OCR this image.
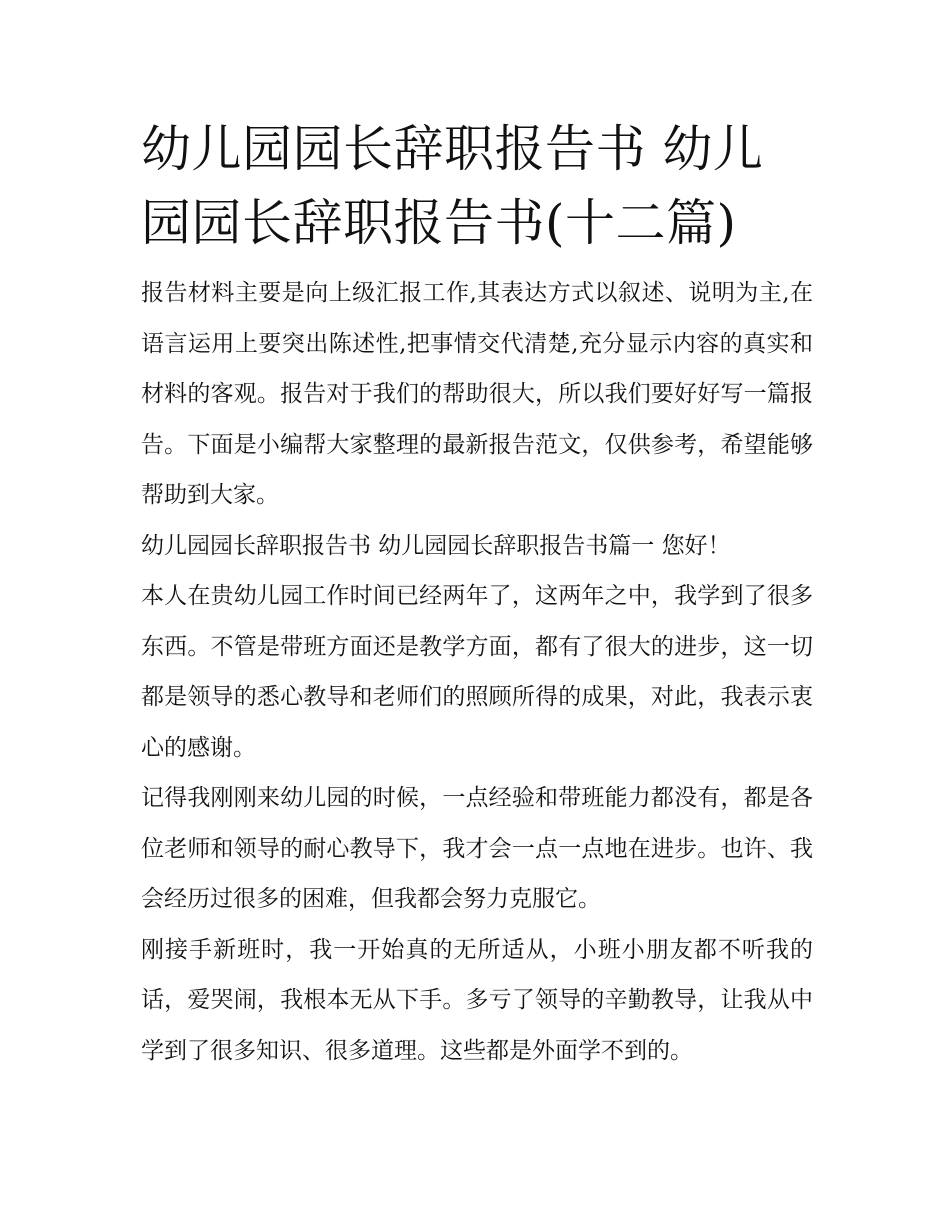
幼儿园园长辞职报告书 幼儿园园长辞职报告书(十二篇)

报告材料主要是向上级汇报工作,其表达方式以叙述、说明为主,在语言运用上要突出陈述性,把事情交代清楚,充分显示内容的真实和材料的客观。报告对于我们的帮助很大，所以我们要好好写一篇报告。下面是小编帮大家整理的最新报告范文，仅供参考，希望能够帮助到大家。

幼儿园园长辞职报告书 幼儿园园长辞职报告书篇一 您好！

本人在贵幼儿园工作时间已经两年了，这两年之中，我学到了很多东西。不管是带班方面还是教学方面，都有了很大的进步，这一切都是领导的悉心教导和老师们的照顾所得的成果，对此，我表示衷心的感谢。

记得我刚刚来幼儿园的时候，一点经验和带班能力都没有，都是各位老师和领导的耐心教导下，我才会一点一点地在进步。也许、我会经历过很多的困难，但我都会努力克服它。

刚接手新班时，我一开始真的无所适从，小班小朋友都不听我的话，爱哭闹，我根本无从下手。多亏了领导的辛勤教导，让我从中学到了很多知识、很多道理。这些都是外面学不到的。
